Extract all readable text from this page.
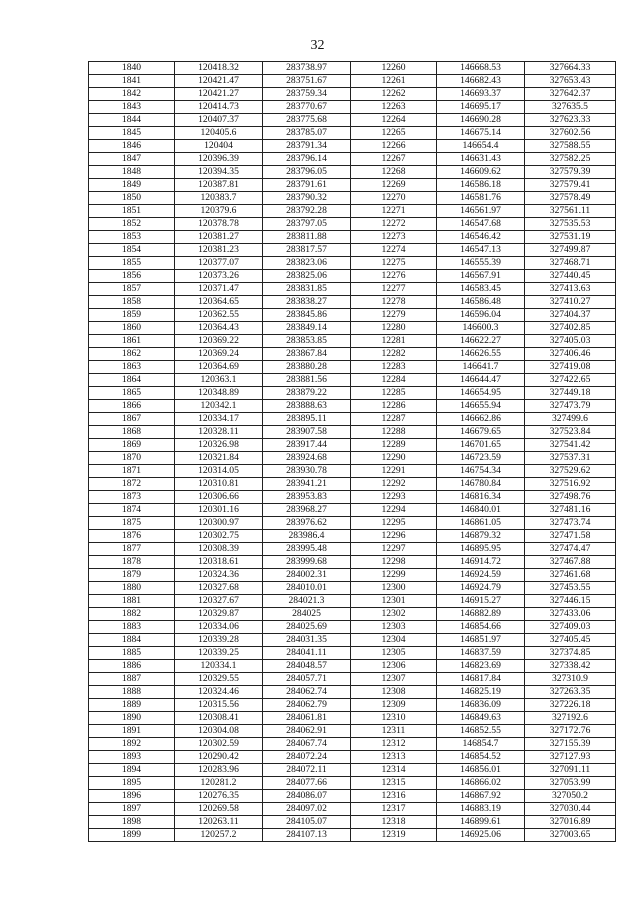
32
1840	120418.32	283738.97	12260	146668.53	327664.33
1841	120421.47	283751.67	12261	146682.43	327653.43
1842	120421.27	283759.34	12262	146693.37	327642.37
1843	120414.73	283770.67	12263	146695.17	327635.5
1844	120407.37	283775.68	12264	146690.28	327623.33
1845	120405.6	283785.07	12265	146675.14	327602.56
1846	120404	283791.34	12266	146654.4	327588.55
1847	120396.39	283796.14	12267	146631.43	327582.25
1848	120394.35	283796.05	12268	146609.62	327579.39
1849	120387.81	283791.61	12269	146586.18	327579.41
1850	120383.7	283790.32	12270	146581.76	327578.49
1851	120379.6	283792.28	12271	146561.97	327561.11
1852	120378.78	283797.05	12272	146547.68	327535.53
1853	120381.27	283811.88	12273	146546.42	327531.19
1854	120381.23	283817.57	12274	146547.13	327499.87
1855	120377.07	283823.06	12275	146555.39	327468.71
1856	120373.26	283825.06	12276	146567.91	327440.45
1857	120371.47	283831.85	12277	146583.45	327413.63
1858	120364.65	283838.27	12278	146586.48	327410.27
1859	120362.55	283845.86	12279	146596.04	327404.37
1860	120364.43	283849.14	12280	146600.3	327402.85
1861	120369.22	283853.85	12281	146622.27	327405.03
1862	120369.24	283867.84	12282	146626.55	327406.46
1863	120364.69	283880.28	12283	146641.7	327419.08
1864	120363.1	283881.56	12284	146644.47	327422.65
1865	120348.89	283879.22	12285	146654.95	327449.18
1866	120342.1	283888.63	12286	146655.94	327473.79
1867	120334.17	283895.11	12287	146662.86	327499.6
1868	120328.11	283907.58	12288	146679.65	327523.84
1869	120326.98	283917.44	12289	146701.65	327541.42
1870	120321.84	283924.68	12290	146723.59	327537.31
1871	120314.05	283930.78	12291	146754.34	327529.62
1872	120310.81	283941.21	12292	146780.84	327516.92
1873	120306.66	283953.83	12293	146816.34	327498.76
1874	120301.16	283968.27	12294	146840.01	327481.16
1875	120300.97	283976.62	12295	146861.05	327473.74
1876	120302.75	283986.4	12296	146879.32	327471.58
1877	120308.39	283995.48	12297	146895.95	327474.47
1878	120318.61	283999.68	12298	146914.72	327467.88
1879	120324.36	284002.31	12299	146924.59	327461.68
1880	120327.68	284010.01	12300	146924.79	327453.55
1881	120327.67	284021.3	12301	146915.27	327446.15
1882	120329.87	284025	12302	146882.89	327433.06
1883	120334.06	284025.69	12303	146854.66	327409.03
1884	120339.28	284031.35	12304	146851.97	327405.45
1885	120339.25	284041.11	12305	146837.59	327374.85
1886	120334.1	284048.57	12306	146823.69	327338.42
1887	120329.55	284057.71	12307	146817.84	327310.9
1888	120324.46	284062.74	12308	146825.19	327263.35
1889	120315.56	284062.79	12309	146836.09	327226.18
1890	120308.41	284061.81	12310	146849.63	327192.6
1891	120304.08	284062.91	12311	146852.55	327172.76
1892	120302.59	284067.74	12312	146854.7	327155.39
1893	120290.42	284072.24	12313	146854.52	327127.93
1894	120283.96	284072.11	12314	146856.01	327091.11
1895	120281.2	284077.66	12315	146866.02	327053.99
1896	120276.35	284086.07	12316	146867.92	327050.2
1897	120269.58	284097.02	12317	146883.19	327030.44
1898	120263.11	284105.07	12318	146899.61	327016.89
1899	120257.2	284107.13	12319	146925.06	327003.65
